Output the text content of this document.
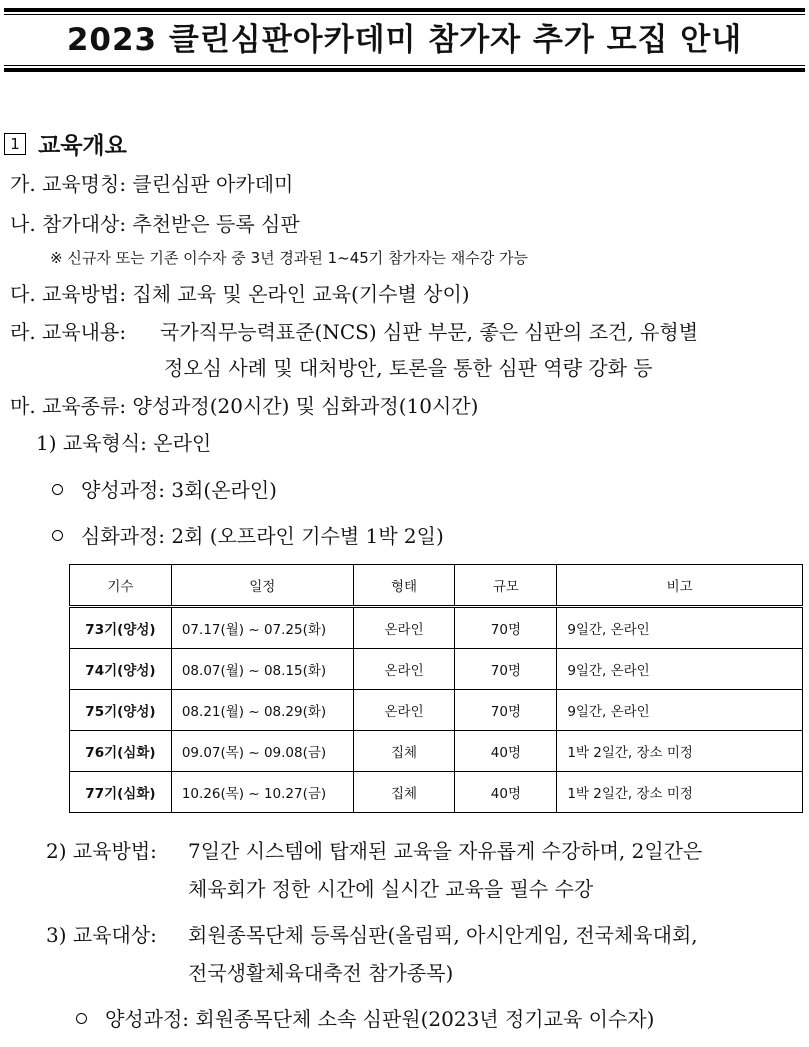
2023 클린심판아카데미 참가자 추가 모집 안내
1 교육개요
가. 교육명칭: 클린심판 아카데미
나. 참가대상: 추천받은 등록 심판
※ 신규자 또는 기존 이수자 중 3년 경과된 1~45기 참가자는 재수강 가능
다. 교육방법: 집체 교육 및 온라인 교육(기수별 상이)
라. 교육내용: 국가직무능력표준(NCS) 심판 부문, 좋은 심판의 조건, 유형별
정오심 사례 및 대처방안, 토론을 통한 심판 역량 강화 등
마. 교육종류: 양성과정(20시간) 및 심화과정(10시간)
1) 교육형식: 온라인
양성과정: 3회(온라인)
심화과정: 2회 (오프라인 기수별 1박 2일)
기수	일정	형태	규모	비고
73기(양성)	07.17(월) ~ 07.25(화)	온라인	70명	9일간, 온라인
74기(양성)	08.07(월) ~ 08.15(화)	온라인	70명	9일간, 온라인
75기(양성)	08.21(월) ~ 08.29(화)	온라인	70명	9일간, 온라인
76기(심화)	09.07(목) ~ 09.08(금)	집체	40명	1박 2일간, 장소 미정
77기(심화)	10.26(목) ~ 10.27(금)	집체	40명	1박 2일간, 장소 미정
2) 교육방법: 7일간 시스템에 탑재된 교육을 자유롭게 수강하며, 2일간은
체육회가 정한 시간에 실시간 교육을 필수 수강
3) 교육대상: 회원종목단체 등록심판(올림픽, 아시안게임, 전국체육대회,
전국생활체육대축전 참가종목)
양성과정: 회원종목단체 소속 심판원(2023년 정기교육 이수자)
